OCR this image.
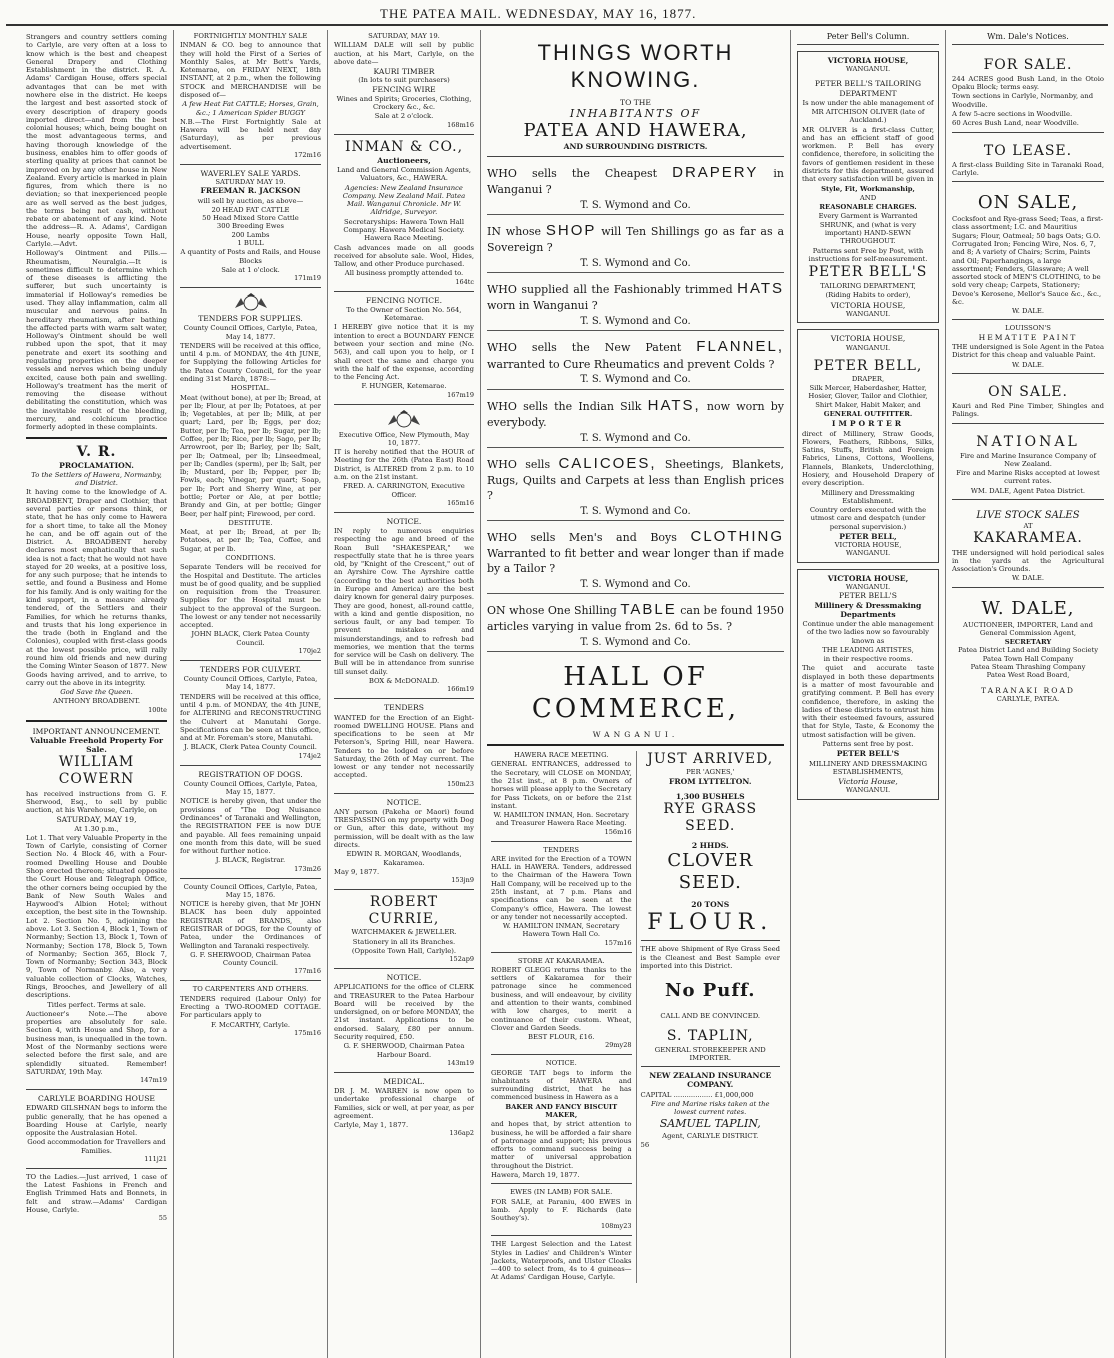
THE PATEA MAIL. WEDNESDAY, MAY 16, 1877.

Strangers and country settlers coming to Carlyle, are very often at a loss to know which is the best and cheapest General Drapery and Clothing Establishment in the district. R. A. Adams' Cardigan House, offers special advantages that can be met with nowhere else in the district. He keeps the largest and best assorted stock of every description of drapery goods imported direct—and from the best colonial houses; which, being bought on the most advantageous terms, and having thorough knowledge of the business, enables him to offer goods of sterling quality at prices that cannot be improved on by any other house in New Zealand. Every article is marked in plain figures, from which there is no deviation; so that inexperienced people are as well served as the best judges, the terms being net cash, without rebate or abatement of any kind. Note the address—R. A. Adams', Cardigan House, nearly opposite Town Hall, Carlyle.—Advt.

Holloway's Ointment and Pills.—Rheumatism, Neuralgia.—It is sometimes difficult to determine which of these diseases is afflicting the sufferer, but such uncertainty is immaterial if Holloway's remedies be used. They allay inflammation, calm all muscular and nervous pains. In hereditary rheumatism, after bathing the affected parts with warm salt water, Holloway's Ointment should be well rubbed upon the spot, that it may penetrate and exert its soothing and regulating properties on the deeper vessels and nerves which being unduly excited, cause both pain and swelling. Holloway's treatment has the merit of removing the disease without debilitating the constitution, which was the inevitable result of the bleeding, mercury, and colchicum practice formerly adopted in these complaints.

V. R.
PROCLAMATION.

To the Settlers of Hawera, Normanby, and District.

It having come to the knowledge of A. BROADBENT, Draper and Clothier, that several parties or persons think, or state, that he has only come to Hawera for a short time, to take all the Money he can, and be off again out of the District. A. BROADBENT hereby declares most emphatically that such idea is not a fact; that he would not have stayed for 20 weeks, at a positive loss, for any such purpose; that he intends to settle, and found a Business and Home for his family. And is only waiting for the kind support, in a measure already tendered, of the Settlers and their Families, for which he returns thanks, and trusts that his long experience in the trade (both in England and the Colonies), coupled with first-class goods at the lowest possible price, will rally round him old friends and new during the Coming Winter Season of 1877. New Goods having arrived, and to arrive, to carry out the above in its integrity.

God Save the Queen.

ANTHONY BROADBENT.

100te
IMPORTANT ANNOUNCEMENT.
Valuable Freehold Property For Sale.
WILLIAM COWERN

has received instructions from G. F. Sherwood, Esq., to sell by public auction, at his Warehouse, Carlyle, on

SATURDAY, MAY 19,
At 1.30 p.m.,

Lot 1. That very Valuable Property in the Town of Carlyle, consisting of Corner Section No. 4 Block 46, with a Four-roomed Dwelling House and Double Shop erected thereon; situated opposite the Court House and Telegraph Office, the other corners being occupied by the Bank of New South Wales and Haywood's Albion Hotel; without exception, the best site in the Township. Lot 2. Section No. 5, adjoining the above. Lot 3. Section 4, Block 1, Town of Normanby; Section 13, Block 1, Town of Normanby; Section 178, Block 5, Town of Normanby; Section 365, Block 7, Town of Normanby; Section 343, Block 9, Town of Normanby. Also, a very valuable collection of Clocks, Watches, Rings, Brooches, and Jewellery of all descriptions.

Titles perfect. Terms at sale.

Auctioneer's Note.—The above properties are absolutely for sale. Section 4, with House and Shop, for a business man, is unequalled in the town. Most of the Normanby sections were selected before the first sale, and are splendidly situated. Remember! SATURDAY, 19th May.

147m19
CARLYLE BOARDING HOUSE

EDWARD GILSHNAN begs to inform the public generally, that he has opened a Boarding House at Carlyle, nearly opposite the Australasian Hotel.

Good accommodation for Travellers and Families.

111j21

TO the Ladies.—Just arrived, 1 case of the Latest Fashions in French and English Trimmed Hats and Bonnets, in felt and straw.—Adams' Cardigan House, Carlyle.

55
FORTNIGHTLY MONTHLY SALE

INMAN & CO. beg to announce that they will hold the First of a Series of Monthly Sales, at Mr Bett's Yards, Ketemarae, on FRIDAY NEXT, 18th INSTANT, at 2 p.m., when the following STOCK and MERCHANDISE will be disposed of—

A few Heat Fat CATTLE; Horses, Grain, &c.; 1 American Spider BUGGY

N.B.—The First Fortnightly Sale at Hawera will be held next day (Saturday), as per previous advertisement.

172m16
WAVERLEY SALE YARDS.
SATURDAY MAY 19.
FREEMAN R. JACKSON

will sell by auction, as above—

20 HEAD FAT CATTLE
50 Head Mixed Store Cattle
300 Breeding Ewes
200 Lambs
1 BULL

A quantity of Posts and Rails, and House Blocks

Sale at 1 o'clock.

171m19
TENDERS FOR SUPPLIES.

County Council Offices, Carlyle, Patea, May 14, 1877.

TENDERS will be received at this office, until 4 p.m. of MONDAY, the 4th JUNE, for Supplying the following Articles for the Patea County Council, for the year ending 31st March, 1878:—

HOSPITAL.

Meat (without bone), at per lb; Bread, at per lb; Flour, at per lb; Potatoes, at per lb; Vegetables, at per lb; Milk, at per quart; Lard, per lb; Eggs, per doz; Butter, per lb; Tea, per lb; Sugar, per lb; Coffee, per lb; Rice, per lb; Sago, per lb; Arrowroot, per lb; Barley, per lb; Salt, per lb; Oatmeal, per lb; Linseedmeal, per lb; Candles (sperm), per lb; Salt, per lb; Mustard, per lb; Pepper, per lb; Fowls, each; Vinegar, per quart; Soap, per lb; Port and Sherry Wine, at per bottle; Porter or Ale, at per bottle; Brandy and Gin, at per bottle; Ginger Beer, per half pint; Firewood, per cord.

DESTITUTE.

Meat, at per lb; Bread, at per lb; Potatoes, at per lb; Tea, Coffee, and Sugar, at per lb.

CONDITIONS.

Separate Tenders will be received for the Hospital and Destitute. The articles must be of good quality, and be supplied on requisition from the Treasurer. Supplies for the Hospital must be subject to the approval of the Surgeon. The lowest or any tender not necessarily accepted.

JOHN BLACK, Clerk Patea County Council.

170je2
TENDERS FOR CULVERT.

County Council Offices, Carlyle, Patea, May 14, 1877.

TENDERS will be received at this office, until 4 p.m. of MONDAY, the 4th JUNE, for ALTERING and RECONSTRUCTING the Culvert at Manutahi Gorge. Specifications can be seen at this office, and at Mr. Foreman's store, Manutahi.

J. BLACK, Clerk Patea County Council.

174je2
REGISTRATION OF DOGS.

County Council Offices, Carlyle, Patea, May 15, 1877.

NOTICE is hereby given, that under the provisions of "The Dog Nuisance Ordinances" of Taranaki and Wellington, the REGISTRATION FEE is now DUE and payable. All fees remaining unpaid one month from this date, will be sued for without further notice.

J. BLACK, Registrar.

173m26

County Council Offices, Carlyle, Patea, May 15, 1876.

NOTICE is hereby given, that Mr JOHN BLACK has been duly appointed REGISTRAR of BRANDS, also REGISTRAR of DOGS, for the County of Patea, under the Ordinances of Wellington and Taranaki respectively.

G. F. SHERWOOD, Chairman Patea County Council.

177m16
TO CARPENTERS AND OTHERS.

TENDERS required (Labour Only) for Erecting a TWO-ROOMED COTTAGE. For particulars apply to

F. McCARTHY, Carlyle.

175m16
SATURDAY, MAY 19.

WILLIAM DALE will sell by public auction, at his Mart, Carlyle, on the above date—

KAURI TIMBER
(In lots to suit purchasers)
FENCING WIRE

Wines and Spirits; Groceries, Clothing, Crockery &c., &c.

Sale at 2 o'clock.

168m16
INMAN & CO.,
Auctioneers,

Land and General Commission Agents, Valuators, &c., HAWERA.

Agencies: New Zealand Insurance Company. New Zealand Mail. Patea Mail. Wanganui Chronicle. Mr W. Aldridge, Surveyor.

Secretaryships: Hawera Town Hall Company. Hawera Medical Society. Hawera Race Meeting.

Cash advances made on all goods received for absolute sale. Wool, Hides, Tallow, and other Produce purchased.

All business promptly attended to.

164tc
FENCING NOTICE.

To the Owner of Section No. 564, Ketemarae.

I HEREBY give notice that it is my intention to erect a BOUNDARY FENCE between your section and mine (No. 563), and call upon you to help, or I shall erect the same and charge you with the half of the expense, according to the Fencing Act.

F. HUNGER, Ketemarae.

167m19

Executive Office, New Plymouth, May 10, 1877.

IT is hereby notified that the HOUR of Meeting for the 26th (Patea East) Road District, is ALTERED from 2 p.m. to 10 a.m. on the 21st instant.

FRED. A. CARRINGTON, Executive Officer.

165m16
NOTICE.

IN reply to numerous enquiries respecting the age and breed of the Roan Bull "SHAKESPEAR," we respectfully state that he is three years old, by "Knight of the Crescent," out of an Ayrshire Cow. The Ayrshire cattle (according to the best authorities both in Europe and America) are the best dairy known for general dairy purposes. They are good, honest, all-round cattle, with a kind and gentle disposition, no serious fault, or any bad temper. To prevent mistakes and misunderstandings, and to refresh bad memories, we mention that the terms for service will be Cash on delivery. The Bull will be in attendance from sunrise till sunset daily.

BOX & McDONALD.

166m19
TENDERS

WANTED for the Erection of an Eight-roomed DWELLING HOUSE. Plans and specifications to be seen at Mr Peterson's, Spring Hill, near Hawera. Tenders to be lodged on or before Saturday, the 26th of May current. The lowest or any tender not necessarily accepted.

150m23
NOTICE.

ANY person (Pakeha or Maori) found TRESPASSING on my property with Dog or Gun, after this date, without my permission, will be dealt with as the law directs.

EDWIN R. MORGAN, Woodlands, Kakaramea.

May 9, 1877.

153jn9
ROBERT CURRIE,
WATCHMAKER & JEWELLER.

Stationery in all its Branches.

(Opposite Town Hall, Carlyle).

152ap9
NOTICE.

APPLICATIONS for the office of CLERK and TREASURER to the Patea Harbour Board will be received by the undersigned, on or before MONDAY, the 21st instant. Applications to be endorsed. Salary, £80 per annum. Security required, £50.

G. F. SHERWOOD, Chairman Patea Harbour Board.

143m19
MEDICAL.

DR J. M. WARREN is now open to undertake professional charge of Families, sick or well, at per year, as per agreement.

Carlyle, May 1, 1877.

136ap2
THINGS WORTH KNOWING.
TO THE
INHABITANTS OF
PATEA AND HAWERA,
AND SURROUNDING DISTRICTS.

WHO sells the Cheapest DRAPERY in Wanganui ?

T. S. Wymond and Co.

IN whose SHOP will Ten Shillings go as far as a Sovereign ?

T. S. Wymond and Co.

WHO supplied all the Fashionably trimmed HATS worn in Wanganui ?

T. S. Wymond and Co.

WHO sells the New Patent FLANNEL, warranted to Cure Rheumatics and prevent Colds ?

T. S. Wymond and Co.

WHO sells the Indian Silk HATS, now worn by everybody.

T. S. Wymond and Co.

WHO sells CALICOES, Sheetings, Blankets, Rugs, Quilts and Carpets at less than English prices ?

T. S. Wymond and Co.

WHO sells Men's and Boys CLOTHING Warranted to fit better and wear longer than if made by a Tailor ?

T. S. Wymond and Co.

ON whose One Shilling TABLE can be found 1950 articles varying in value from 2s. 6d to 5s. ?

T. S. Wymond and Co.
HALL OF COMMERCE,
WANGANUI.
HAWERA RACE MEETING.

GENERAL ENTRANCES, addressed to the Secretary, will CLOSE on MONDAY, the 21st inst., at 8 p.m. Owners of horses will please apply to the Secretary for Pass Tickets, on or before the 21st instant.

W. HAMILTON INMAN, Hon. Secretary and Treasurer Hawera Race Meeting.

156m16
TENDERS

ARE invited for the Erection of a TOWN HALL in HAWERA. Tenders, addressed to the Chairman of the Hawera Town Hall Company, will be received up to the 25th instant, at 7 p.m. Plans and specifications can be seen at the Company's office, Hawera. The lowest or any tender not necessarily accepted.

W. HAMILTON INMAN, Secretary Hawera Town Hall Co.

157m16
STORE AT KAKARAMEA.

ROBERT GLEGG returns thanks to the settlers of Kakaramea for their patronage since he commenced business, and will endeavour, by civility and attention to their wants, combined with low charges, to merit a continuance of their custom. Wheat, Clover and Garden Seeds.

BEST FLOUR, £16.

29my28
NOTICE.

GEORGE TAIT begs to inform the inhabitants of HAWERA and surrounding district, that he has commenced business in Hawera as a

BAKER AND FANCY BISCUIT MAKER,

and hopes that, by strict attention to business, he will be afforded a fair share of patronage and support; his previous efforts to command success being a matter of universal approbation throughout the District.

Hawera, March 19, 1877.

EWES (IN LAMB) FOR SALE.

FOR SALE, at Paraniu, 400 EWES in lamb. Apply to F. Richards (late Southey's).

108my23

THE Largest Selection and the Latest Styles in Ladies' and Children's Winter Jackets, Waterproofs, and Ulster Cloaks—400 to select from, 4s to 4 guineas—At Adams' Cardigan House, Carlyle.

JUST ARRIVED,
PER 'AGNES,'
FROM LYTTELTON.
1,300 BUSHELS
RYE GRASS SEED.
2 HHDS.
CLOVER SEED.
20 TONS
FLOUR.

THE above Shipment of Rye Grass Seed is the Cleanest and Best Sample ever imported into this District.

No Puff.
CALL AND BE CONVINCED.
S. TAPLIN,
GENERAL STOREKEEPER AND IMPORTER.
NEW ZEALAND INSURANCE COMPANY.

CAPITAL .................. £1,000,000

Fire and Marine risks taken at the lowest current rates.

SAMUEL TAPLIN,

Agent, CARLYLE DISTRICT.

56
Peter Bell's Column.
VICTORIA HOUSE,
WANGANUI.
PETER BELL'S TAILORING DEPARTMENT

Is now under the able management of

MR AITCHISON OLIVER (late of Auckland.)

MR OLIVER is a first-class Cutter, and has an efficient staff of good workmen. P. Bell has every confidence, therefore, in soliciting the favors of gentlemen resident in these districts for this department, assured that every satisfaction will be given in

Style, Fit, Workmanship,

AND

REASONABLE CHARGES.

Every Garment is Warranted SHRUNK, and (what is very important) HAND-SEWN THROUGHOUT.

Patterns sent Free by Post, with instructions for self-measurement.

PETER BELL'S

TAILORING DEPARTMENT,

(Riding Habits to order),

VICTORIA HOUSE,
WANGANUI.
VICTORIA HOUSE,
WANGANUI.
PETER BELL,
DRAPER,

Silk Mercer, Haberdasher, Hatter, Hosier, Glover, Tailor and Clothier, Shirt Maker, Habit Maker, and

GENERAL OUTFITTER.

IMPORTER

direct of Millinery, Straw Goods, Flowers, Feathers, Ribbons, Silks, Satins, Stuffs, British and Foreign Fabrics, Linens, Cottons, Woollens, Flannels, Blankets, Underclothing, Hosiery, and Household Drapery of every description.

Millinery and Dressmaking Establishment.

Country orders executed with the utmost care and despatch (under personal supervision.)

PETER BELL,
VICTORIA HOUSE,
WANGANUI.
VICTORIA HOUSE,
WANGANUI.
PETER BELL'S
Millinery & Dressmaking Departments

Continue under the able management of the two ladies now so favourably known as

THE LEADING ARTISTES,

in their respective rooms.

The quiet and accurate taste displayed in both these departments is a matter of most favourable and gratifying comment. P. Bell has every confidence, therefore, in asking the ladies of these districts to entrust him with their esteemed favours, assured that for Style, Taste, & Economy the utmost satisfaction will be given.

Patterns sent free by post.

PETER BELL'S

MILLINERY AND DRESSMAKING ESTABLISHMENTS,

Victoria House,
WANGANUI.
Wm. Dale's Notices.
FOR SALE.

244 ACRES good Bush Land, in the Otoio Opaku Block; terms easy.

Town sections in Carlyle, Normanby, and Woodville.

A few 5-acre sections in Woodville.

60 Acres Bush Land, near Woodville.

TO LEASE.

A first-class Building Site in Taranaki Road, Carlyle.

ON SALE,

Cocksfoot and Rye-grass Seed; Teas, a first-class assortment; I.C. and Mauritius Sugars; Flour, Oatmeal; 50 bags Oats; G.O. Corrugated Iron; Fencing Wire, Nos. 6, 7, and 8; A variety of Chairs; Scrim, Paints and Oil; Paperhangings, a large assortment; Fenders, Glassware; A well assorted stock of MEN'S CLOTHING, to be sold very cheap; Carpets, Stationery; Devoe's Kerosene, Mellor's Sauce &c., &c., &c.

W. DALE.

LOUISSON'S
HEMATITE PAINT

THE undersigned is Sole Agent in the Patea District for this cheap and valuable Paint.

W. DALE.

ON SALE.

Kauri and Red Pine Timber, Shingles and Palings.

NATIONAL

Fire and Marine Insurance Company of New Zealand.

Fire and Marine Risks accepted at lowest current rates.

WM. DALE, Agent Patea District.

LIVE STOCK SALES
AT
KAKARAMEA.

THE undersigned will hold periodical sales in the yards at the Agricultural Association's Grounds.

W. DALE.

W. DALE,

AUCTIONEER, IMPORTER, Land and General Commission Agent,

SECRETARY
Patea District Land and Building Society
Patea Town Hall Company
Patea Steam Thrashing Company
Patea West Road Board,
TARANAKI ROAD
CARLYLE, PATEA.
